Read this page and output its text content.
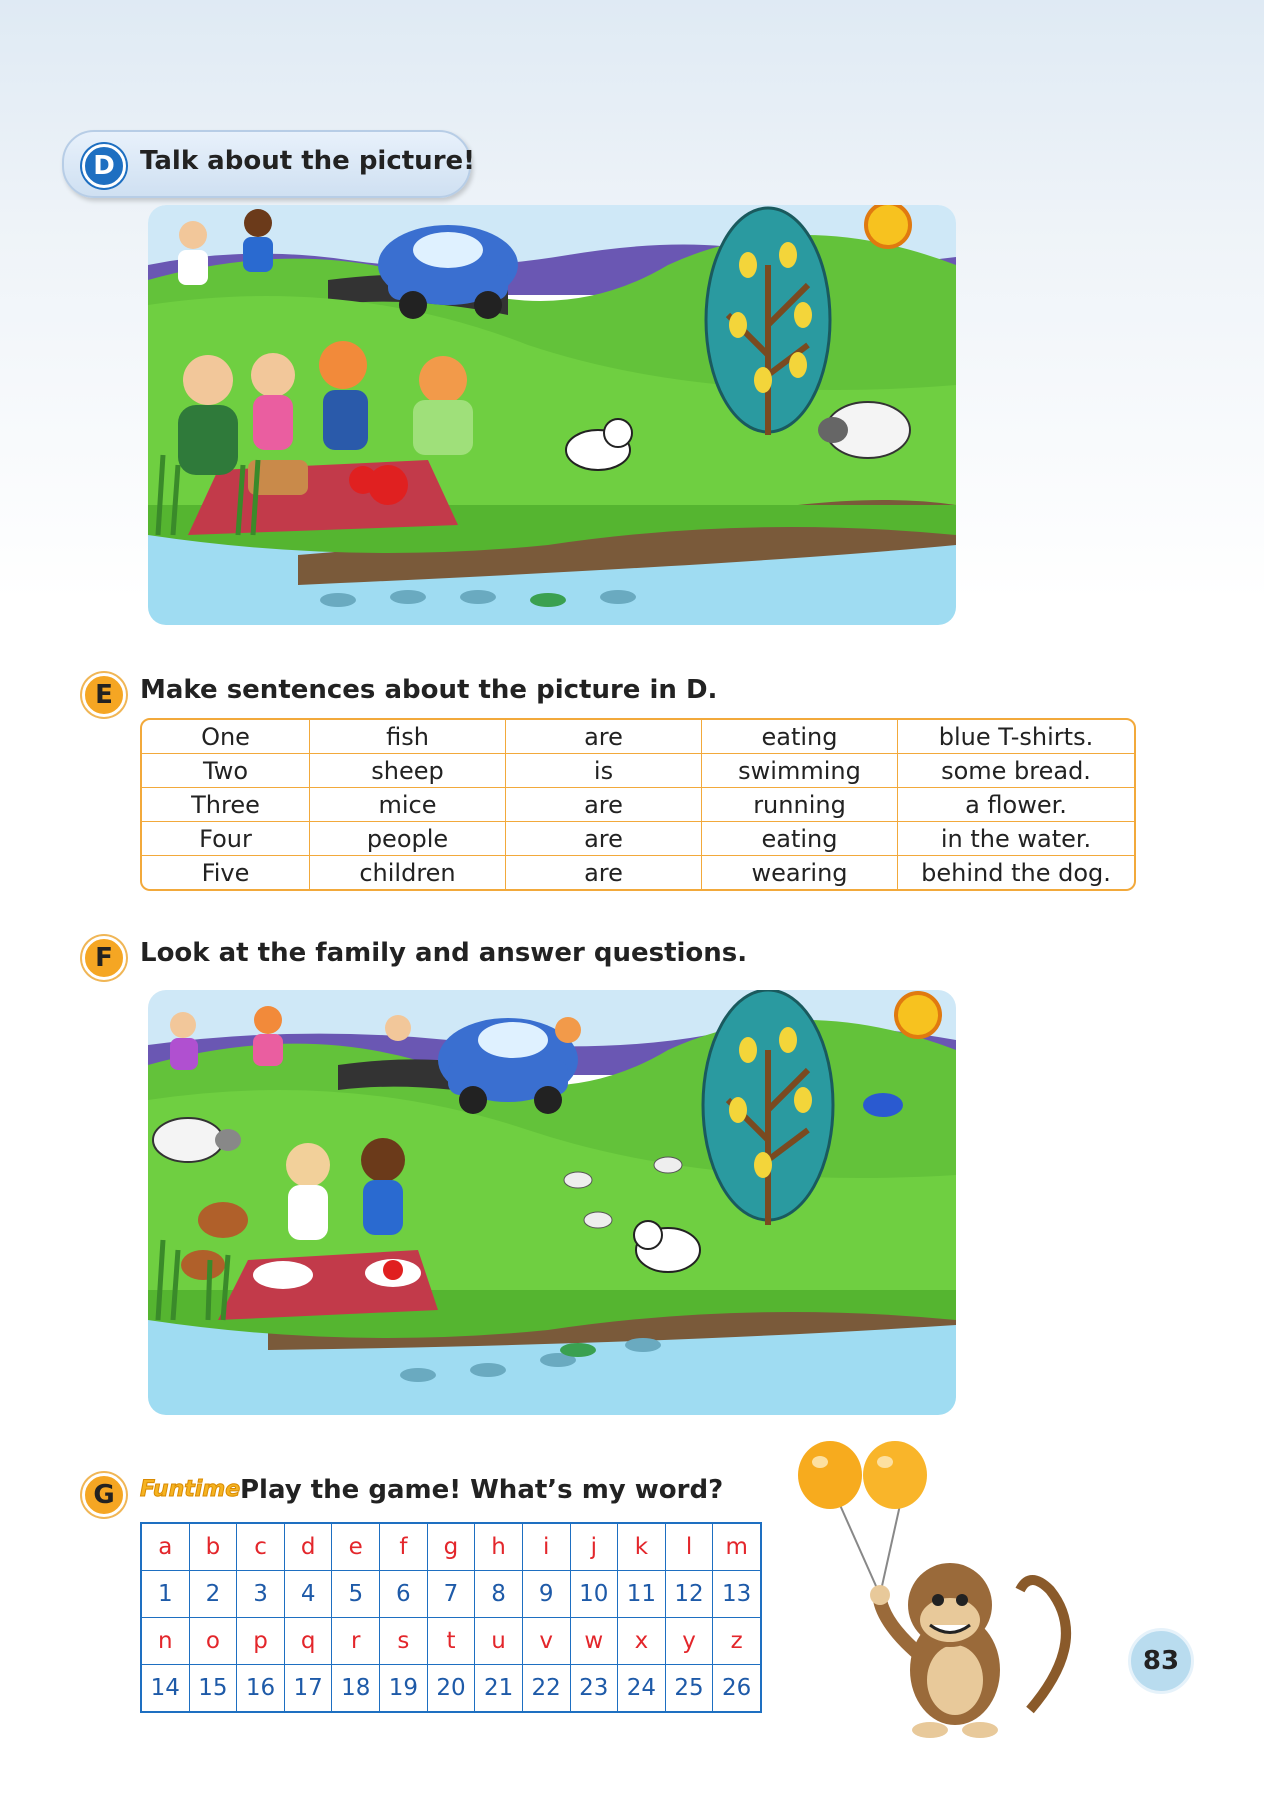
D Talk about the picture!
E	Make sentences about the picture in D.
One	fish	are	eating	blue T-shirts.
Two	sheep	is	swimming	some bread.
Three	mice	are	running	a flower.
Four	people	are	eating	in the water.
Five	children	are	wearing	behind the dog.
F	Look at the family and answer questions.
G	Funtime Play the game! What’s my word?
a	b	c	d	e	f	g	h	i	j	k	l	m
1	2	3	4	5	6	7	8	9	10	11	12	13
n	o	p	q	r	s	t	u	v	w	x	y	z
14	15	16	17	18	19	20	21	22	23	24	25	26
83
